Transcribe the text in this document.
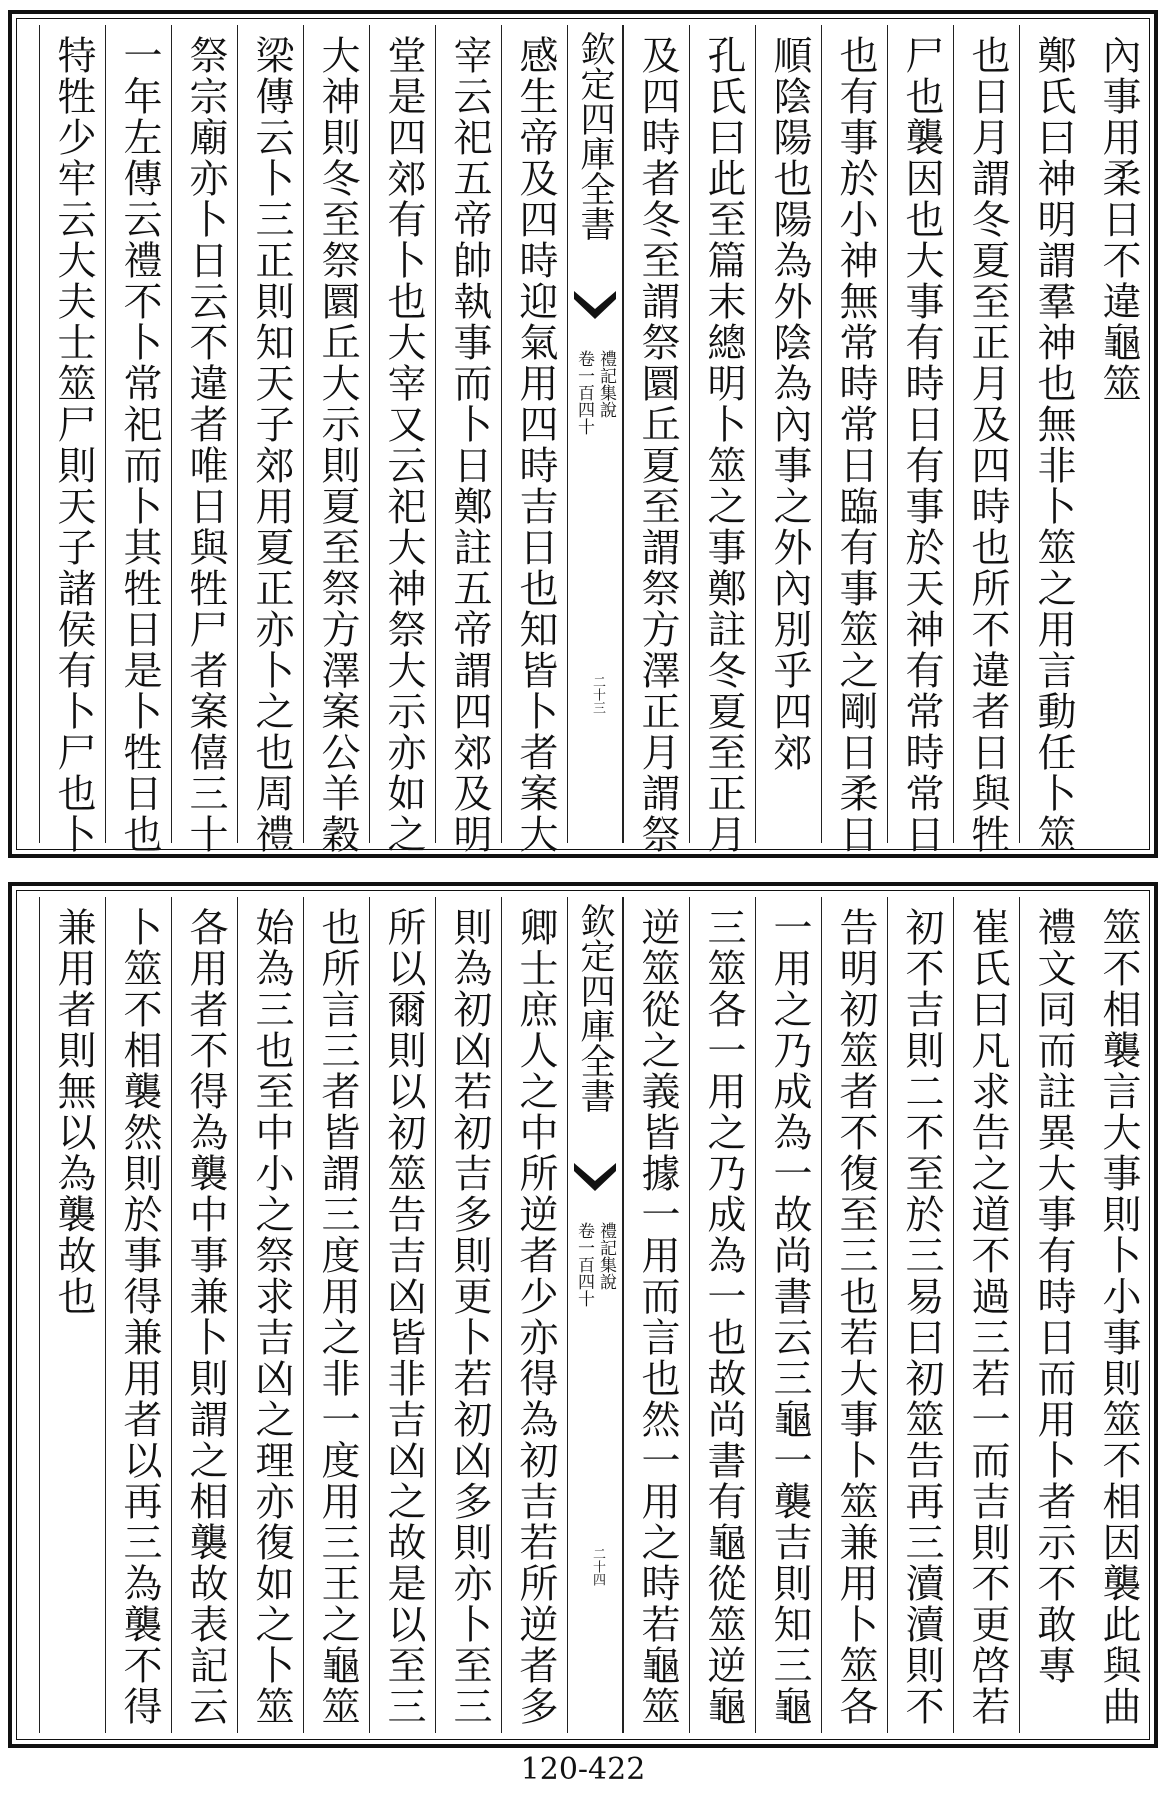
內事用柔日不違龜筮
鄭氏曰神明謂羣神也無非卜筮之用言動任卜筮
也日月謂冬夏至正月及四時也所不違者日與牲
尸也襲因也大事有時日有事於天神有常時常日
也有事於小神無常時常日臨有事筮之剛日柔日
順陰陽也陽為外陰為內事之外內別乎四郊
孔氏曰此至篇末總明卜筮之事鄭註冬夏至正月
及四時者冬至謂祭圜丘夏至謂祭方澤正月謂祭
欽定四庫全書
禮記集說
卷一百四十
二十三
感生帝及四時迎氣用四時吉日也知皆卜者案大
宰云祀五帝帥執事而卜日鄭註五帝謂四郊及明
堂是四郊有卜也大宰又云祀大神祭大示亦如之
大神則冬至祭圜丘大示則夏至祭方澤案公羊穀
梁傳云卜三正則知天子郊用夏正亦卜之也周禮
祭宗廟亦卜日云不違者唯日與牲尸者案僖三十
一年左傳云禮不卜常祀而卜其牲日是卜牲日也
特牲少牢云大夫士筮尸則天子諸侯有卜尸也卜
筮不相襲言大事則卜小事則筮不相因襲此與曲
禮文同而註異大事有時日而用卜者示不敢專
崔氏曰凡求告之道不過三若一而吉則不更啓若
初不吉則二不至於三易曰初筮告再三瀆瀆則不
告明初筮者不復至三也若大事卜筮兼用卜筮各
一用之乃成為一故尚書云三龜一襲吉則知三龜
三筮各一用之乃成為一也故尚書有龜從筮逆龜
逆筮從之義皆據一用而言也然一用之時若龜筮
欽定四庫全書
禮記集說
卷一百四十
二十四
卿士庶人之中所逆者少亦得為初吉若所逆者多
則為初凶若初吉多則更卜若初凶多則亦卜至三
所以爾則以初筮告吉凶皆非吉凶之故是以至三
也所言三者皆謂三度用之非一度用三王之龜筮
始為三也至中小之祭求吉凶之理亦復如之卜筮
各用者不得為襲中事兼卜則謂之相襲故表記云
卜筮不相襲然則於事得兼用者以再三為襲不得
兼用者則無以為襲故也
120-422
